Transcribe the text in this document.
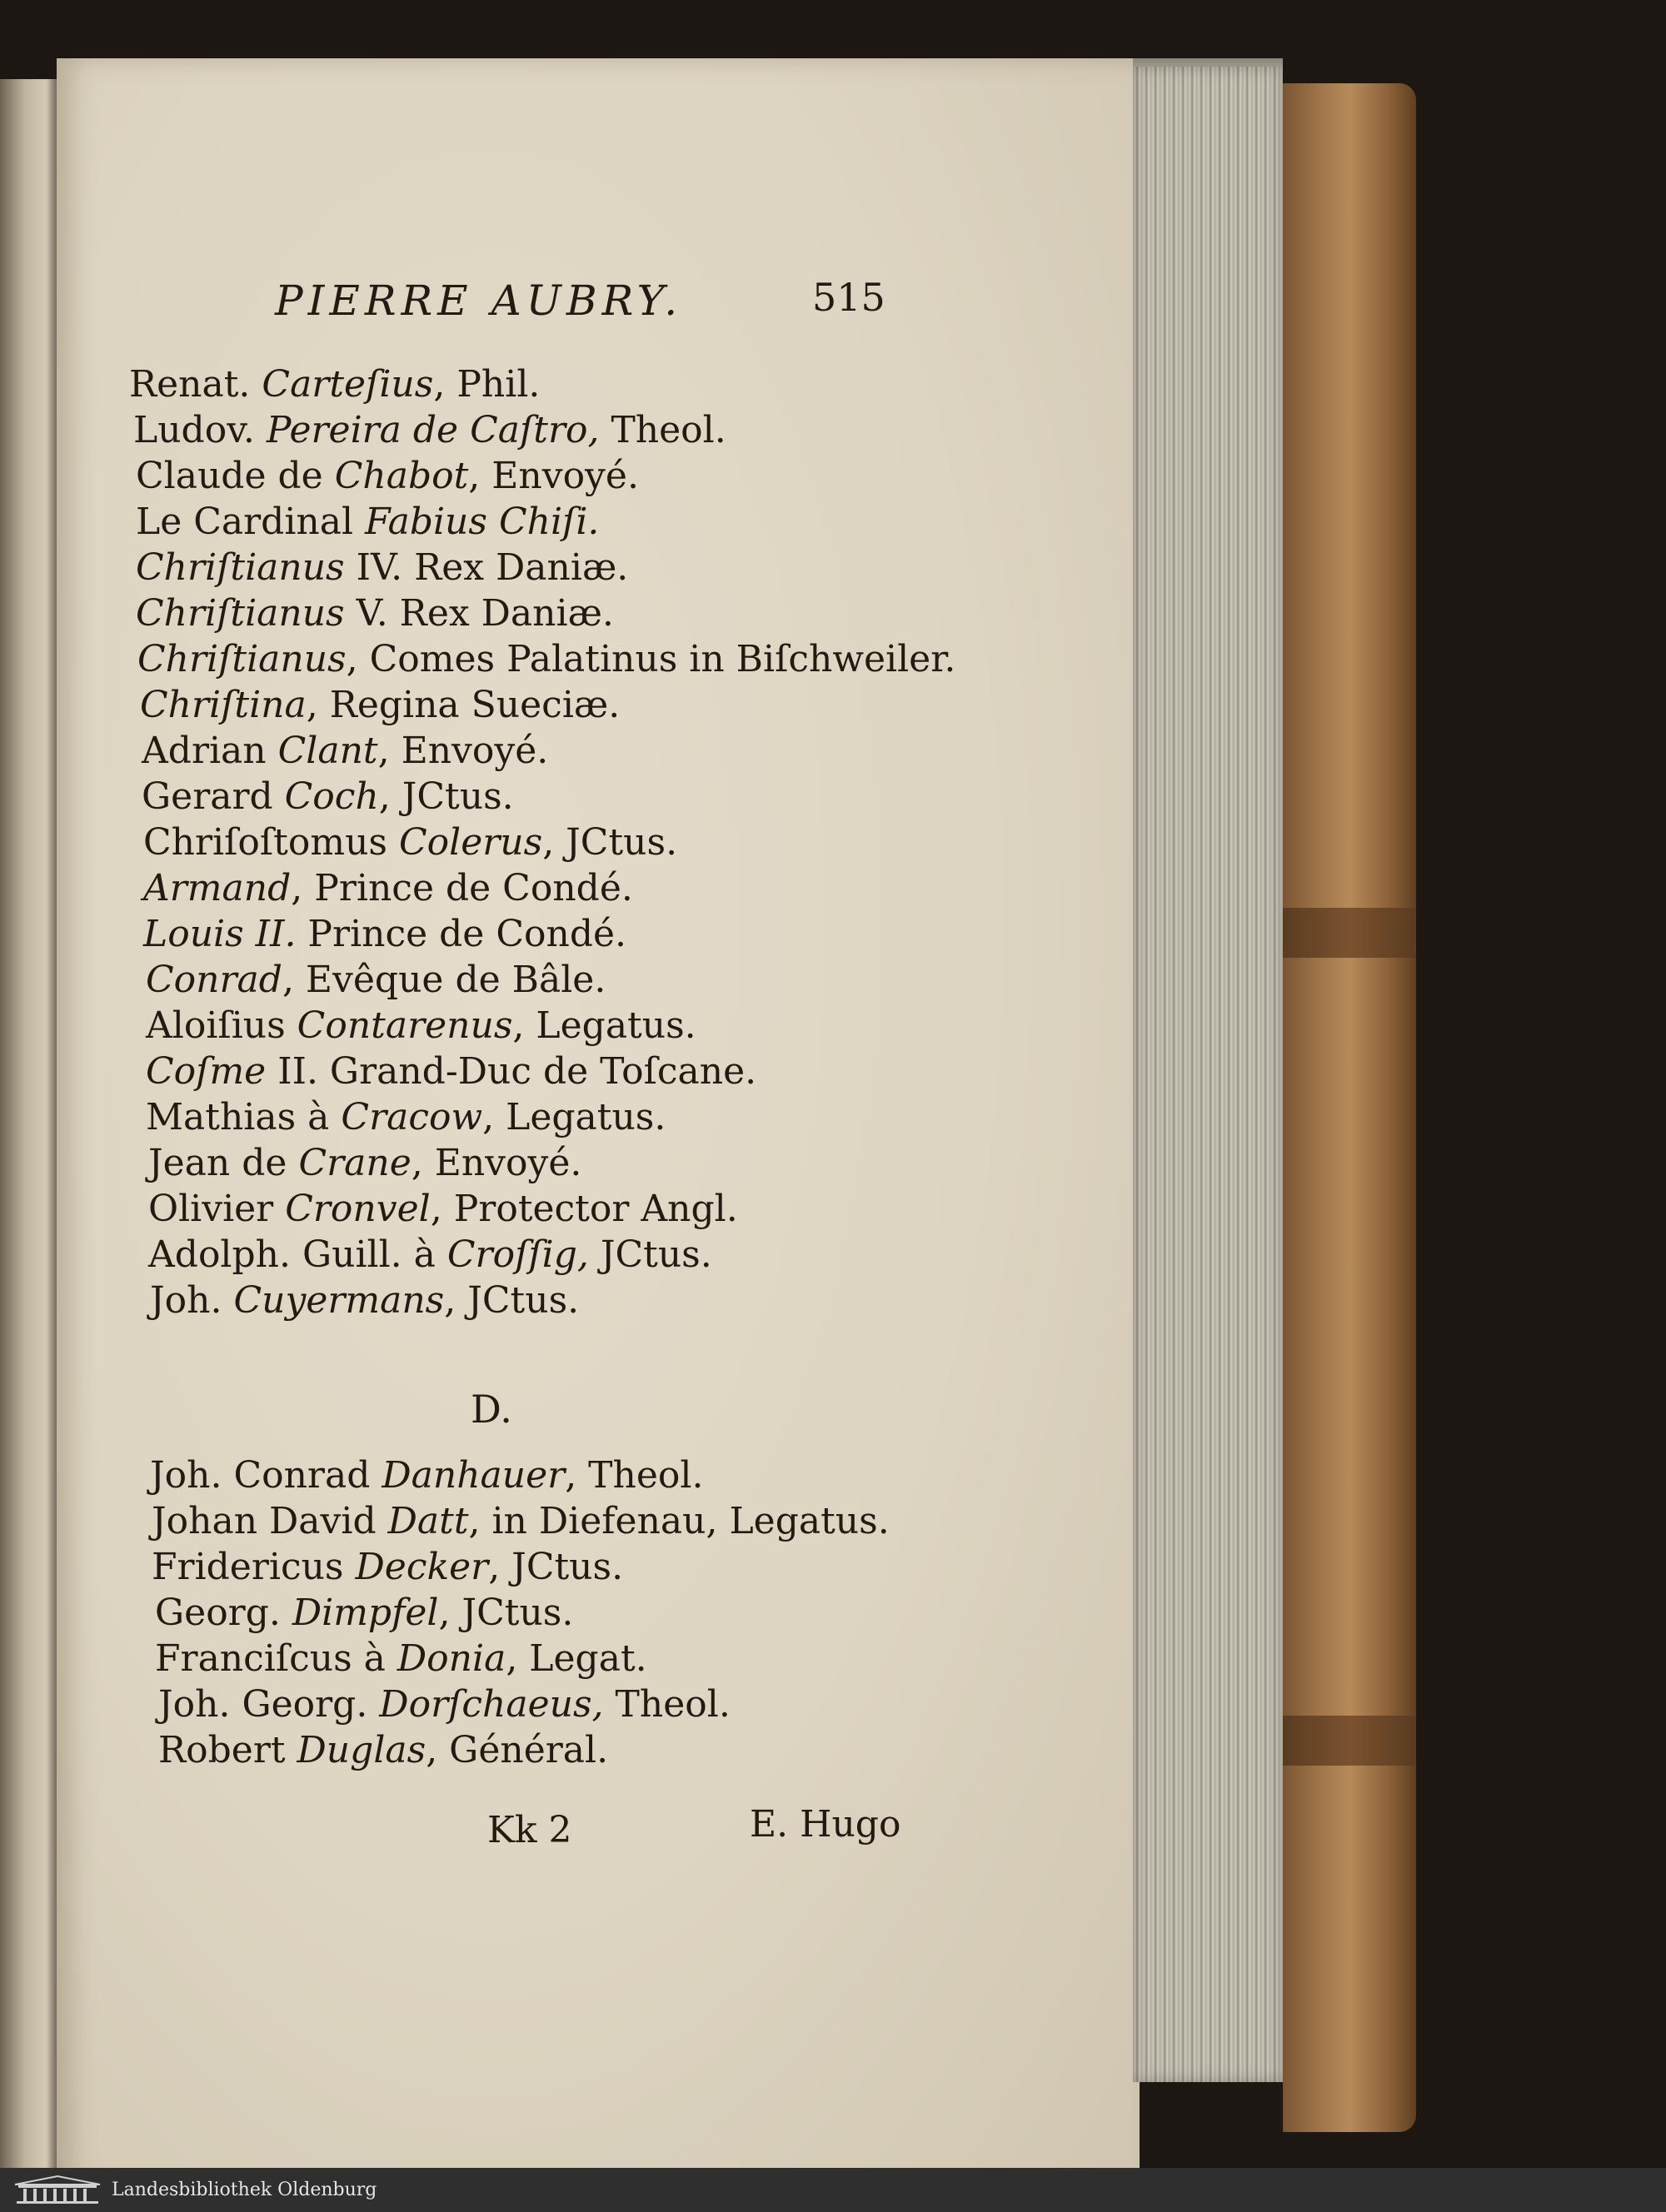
PIERRE AUBRY.	515
Renat. Carteſius, Phil.
Ludov. Pereira de Caſtro, Theol.
Claude de Chabot, Envoyé.
Le Cardinal Fabius Chiſi.
Chriſtianus IV. Rex Daniæ.
Chriſtianus V. Rex Daniæ.
Chriſtianus, Comes Palatinus in Biſchweiler.
Chriſtina, Regina Sueciæ.
Adrian Clant, Envoyé.
Gerard Coch, JCtus.
Chriſoſtomus Colerus, JCtus.
Armand, Prince de Condé.
Louis II. Prince de Condé.
Conrad, Evêque de Bâle.
Aloiſius Contarenus, Legatus.
Coſme II. Grand-Duc de Toſcane.
Mathias à Cracow, Legatus.
Jean de Crane, Envoyé.
Olivier Cronvel, Protector Angl.
Adolph. Guill. à Croſſig, JCtus.
Joh. Cuyermans, JCtus.
D.
Joh. Conrad Danhauer, Theol.
Johan David Datt, in Diefenau, Legatus.
Fridericus Decker, JCtus.
Georg. Dimpfel, JCtus.
Franciſcus à Donia, Legat.
Joh. Georg. Dorſchaeus, Theol.
Robert Duglas, Général.
Kk 2	E. Hugo
Landesbibliothek Oldenburg
